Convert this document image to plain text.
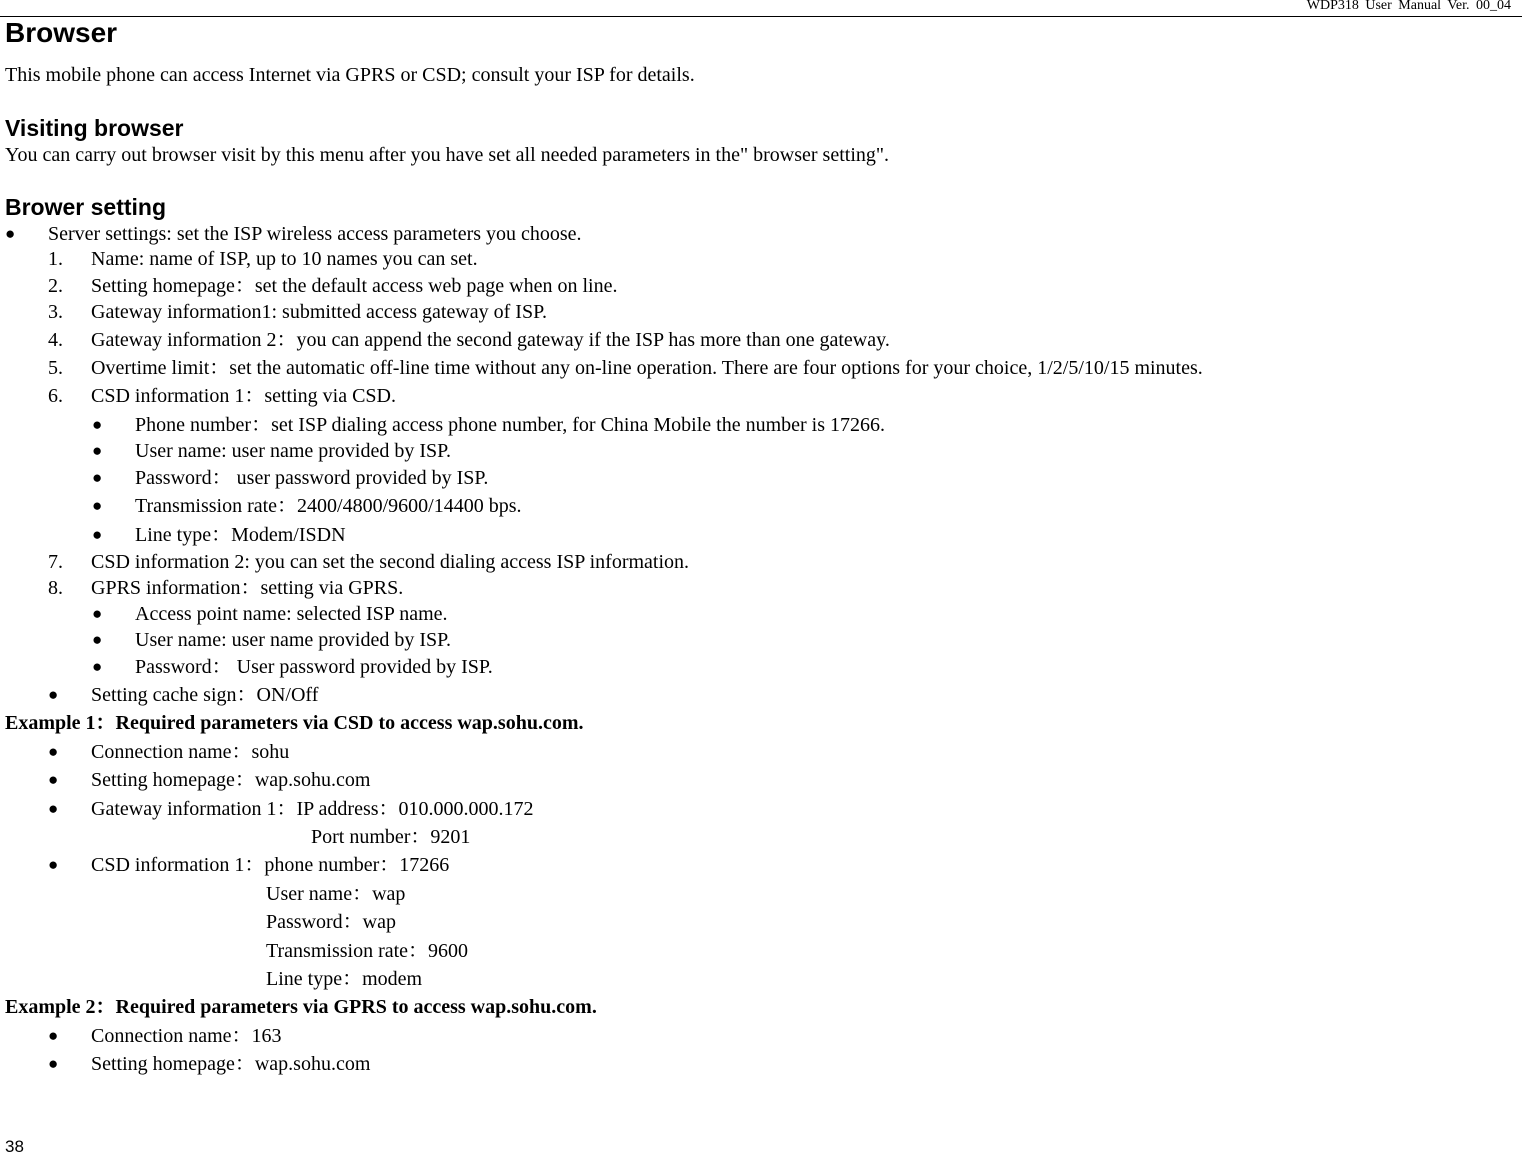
WDP318 User Manual Ver. 00_04
Browser
This mobile phone can access Internet via GPRS or CSD; consult your ISP for details.
Visiting browser
You can carry out browser visit by this menu after you have set all needed parameters in the" browser setting".
Brower setting
● Server settings: set the ISP wireless access parameters you choose.
1. Name: name of ISP, up to 10 names you can set.
2. Setting homepage：set the default access web page when on line.
3. Gateway information1: submitted access gateway of ISP.
4. Gateway information 2：you can append the second gateway if the ISP has more than one gateway.
5. Overtime limit：set the automatic off-line time without any on-line operation. There are four options for your choice, 1/2/5/10/15 minutes.
6. CSD information 1：setting via CSD.
● Phone number：set ISP dialing access phone number, for China Mobile the number is 17266.
● User name: user name provided by ISP.
● Password： user password provided by ISP.
● Transmission rate：2400/4800/9600/14400 bps.
● Line type：Modem/ISDN
7. CSD information 2: you can set the second dialing access ISP information.
8. GPRS information：setting via GPRS.
● Access point name: selected ISP name.
● User name: user name provided by ISP.
● Password： User password provided by ISP.
● Setting cache sign：ON/Off
Example 1：Required parameters via CSD to access wap.sohu.com.
● Connection name：sohu
● Setting homepage：wap.sohu.com
● Gateway information 1：IP address：010.000.000.172
Port number：9201
● CSD information 1：phone number：17266
User name：wap
Password：wap
Transmission rate：9600
Line type：modem
Example 2：Required parameters via GPRS to access wap.sohu.com.
● Connection name：163
● Setting homepage：wap.sohu.com
38
